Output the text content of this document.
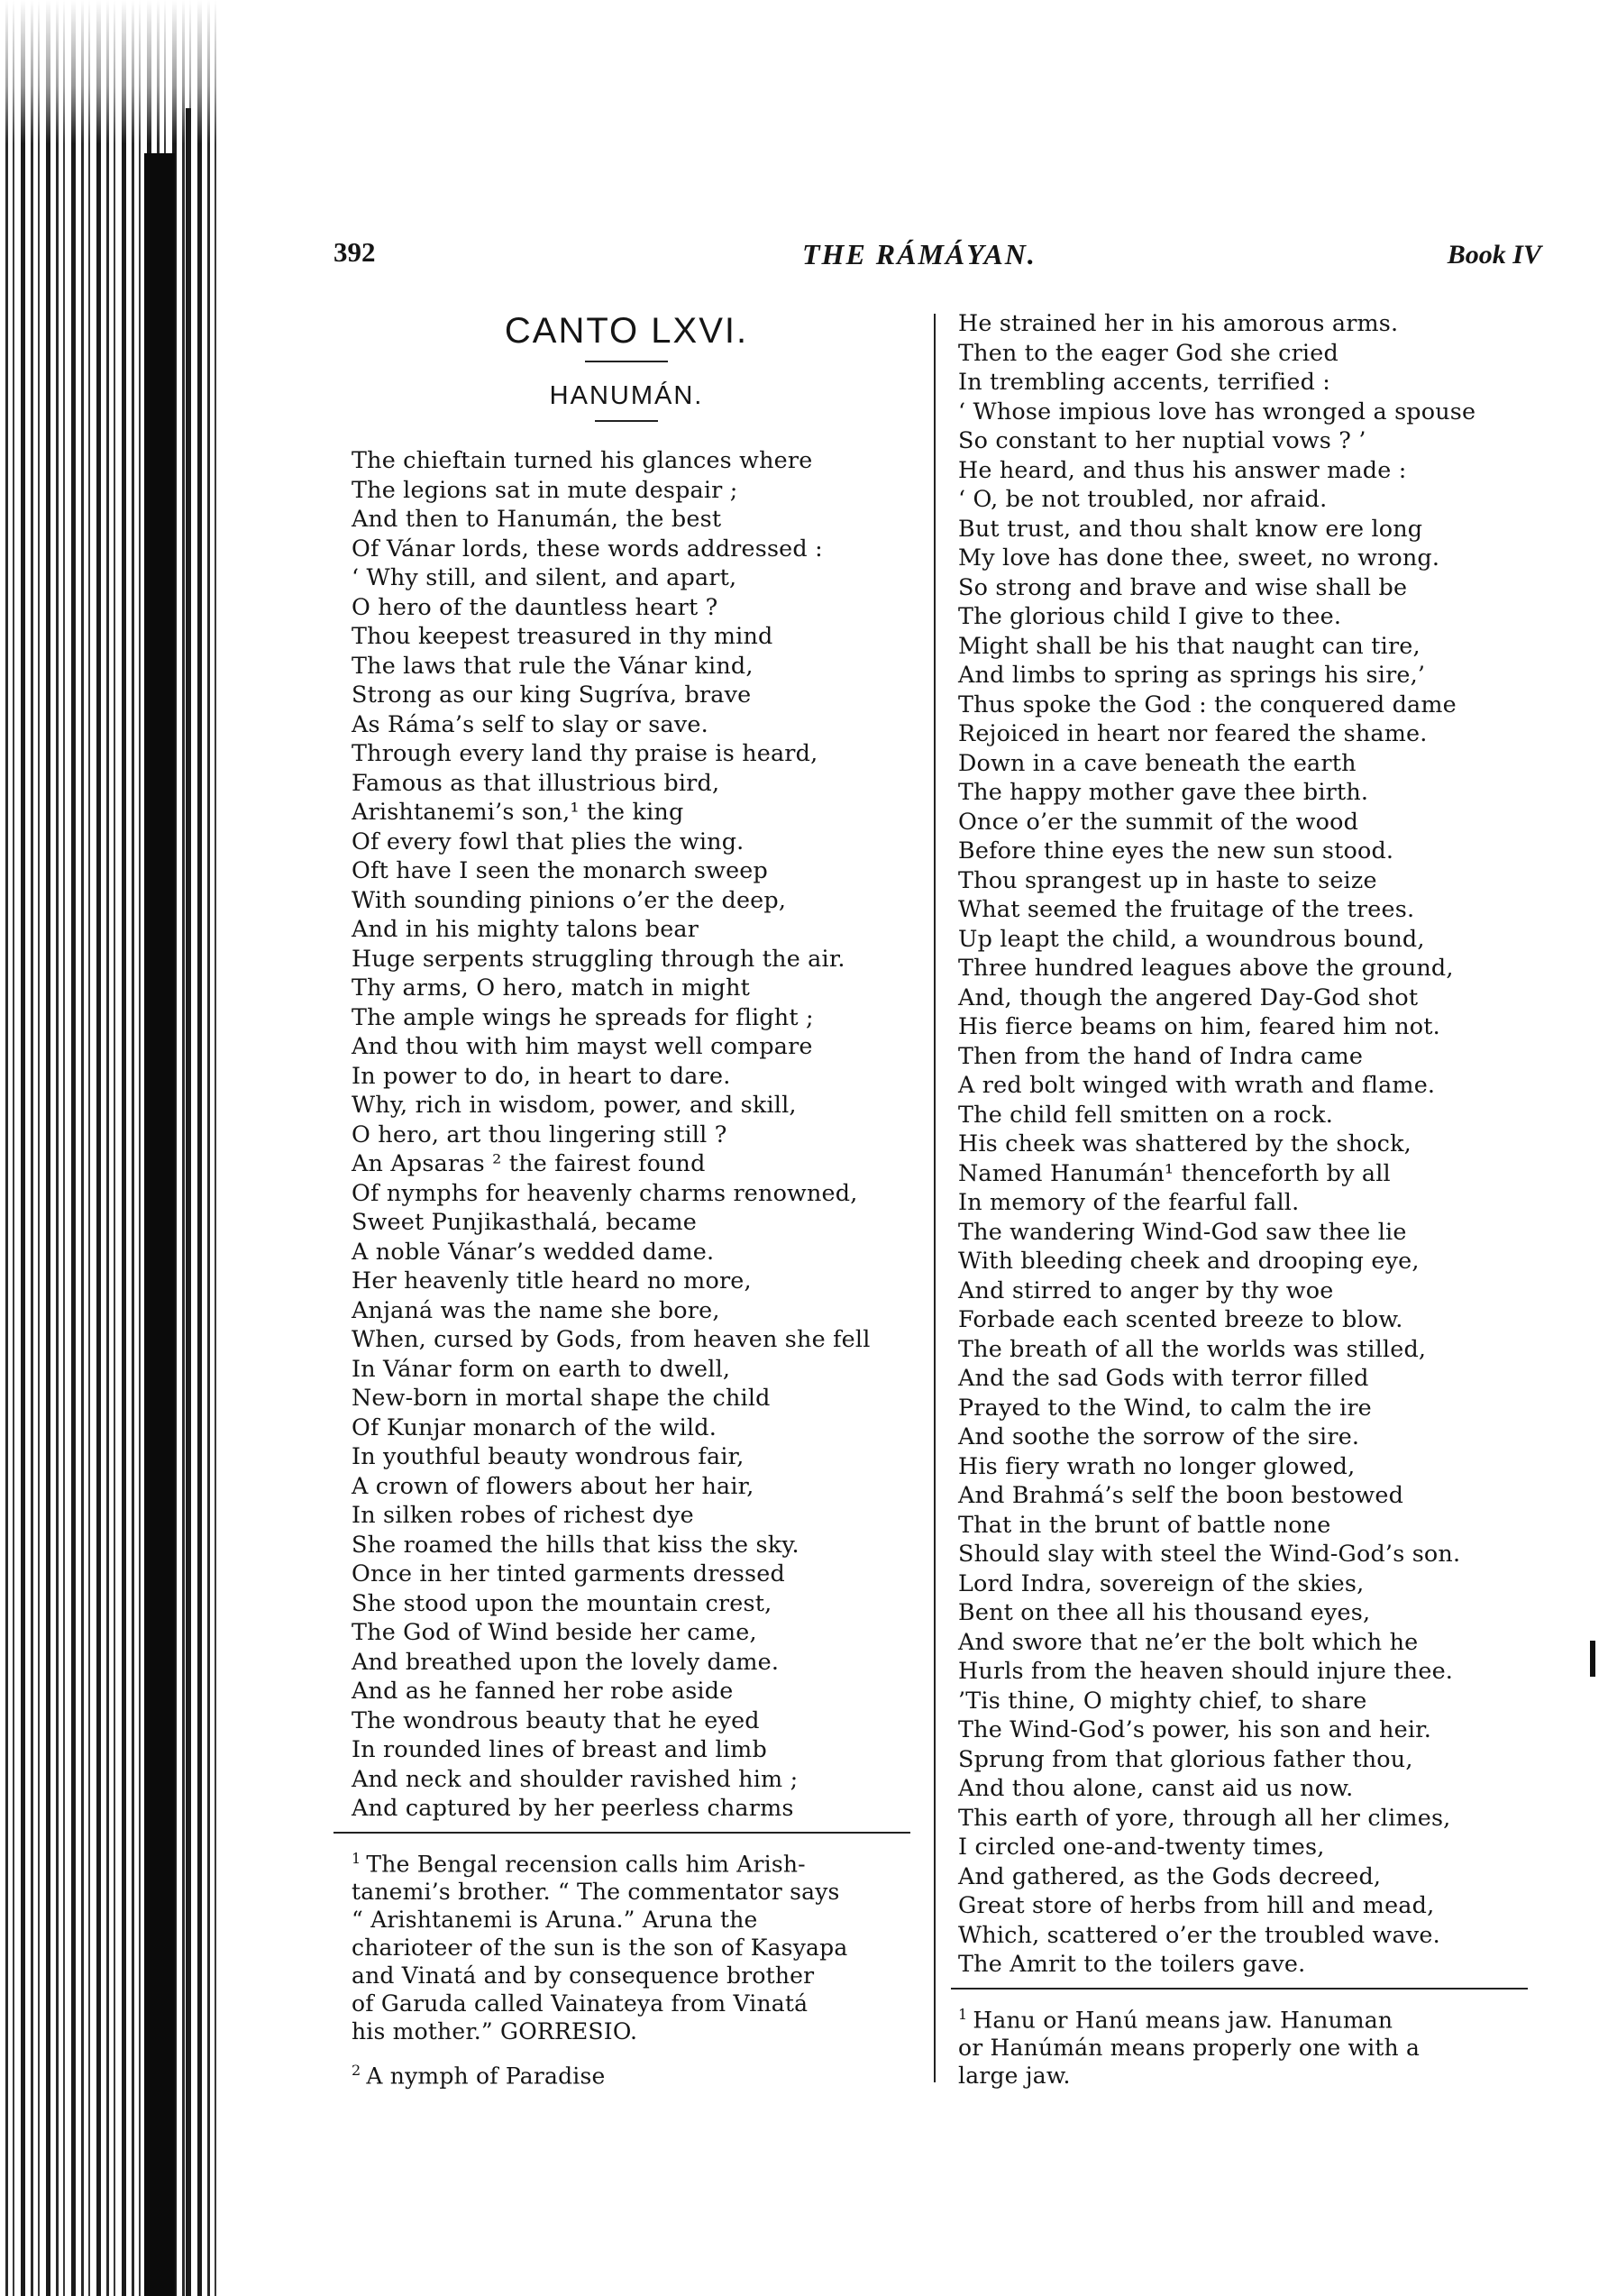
392	THE RÁMÁYAN.	Book IV
CANTO LXVI.
HANUMÁN.
The chieftain turned his glances where
The legions sat in mute despair ;
And then to Hanumán, the best
Of Vánar lords, these words addressed :
‘ Why still, and silent, and apart,
O hero of the dauntless heart ?
Thou keepest treasured in thy mind
The laws that rule the Vánar kind,
Strong as our king Sugríva, brave
As Ráma’s self to slay or save.
Through every land thy praise is heard,
Famous as that illustrious bird,
Arishtanemi’s son,¹ the king
Of every fowl that plies the wing.
Oft have I seen the monarch sweep
With sounding pinions o’er the deep,
And in his mighty talons bear
Huge serpents struggling through the air.
Thy arms, O hero, match in might
The ample wings he spreads for flight ;
And thou with him mayst well compare
In power to do, in heart to dare.
Why, rich in wisdom, power, and skill,
O hero, art thou lingering still ?
An Apsaras ² the fairest found
Of nymphs for heavenly charms renowned,
Sweet Punjikasthalá, became
A noble Vánar’s wedded dame.
Her heavenly title heard no more,
Anjaná was the name she bore,
When, cursed by Gods, from heaven she fell
In Vánar form on earth to dwell,
New-born in mortal shape the child
Of Kunjar monarch of the wild.
In youthful beauty wondrous fair,
A crown of flowers about her hair,
In silken robes of richest dye
She roamed the hills that kiss the sky.
Once in her tinted garments dressed
She stood upon the mountain crest,
The God of Wind beside her came,
And breathed upon the lovely dame.
And as he fanned her robe aside
The wondrous beauty that he eyed
In rounded lines of breast and limb
And neck and shoulder ravished him ;
And captured by her peerless charms
$^1$ The Bengal recension calls him Arish-
tanemi’s brother. “ The commentator says
“ Arishtanemi is Aruna.” Aruna the
charioteer of the sun is the son of Kasyapa
and Vinatá and by consequence brother
of Garuda called Vainateya from Vinatá
his mother.” GORRESIO.
$^2$ A nymph of Paradise
He strained her in his amorous arms.
Then to the eager God she cried
In trembling accents, terrified :
‘ Whose impious love has wronged a spouse
So constant to her nuptial vows ? ’
He heard, and thus his answer made :
‘ O, be not troubled, nor afraid.
But trust, and thou shalt know ere long
My love has done thee, sweet, no wrong.
So strong and brave and wise shall be
The glorious child I give to thee.
Might shall be his that naught can tire,
And limbs to spring as springs his sire,’
Thus spoke the God : the conquered dame
Rejoiced in heart nor feared the shame.
Down in a cave beneath the earth
The happy mother gave thee birth.
Once o’er the summit of the wood
Before thine eyes the new sun stood.
Thou sprangest up in haste to seize
What seemed the fruitage of the trees.
Up leapt the child, a woundrous bound,
Three hundred leagues above the ground,
And, though the angered Day-God shot
His fierce beams on him, feared him not.
Then from the hand of Indra came
A red bolt winged with wrath and flame.
The child fell smitten on a rock.
His cheek was shattered by the shock,
Named Hanumán¹ thenceforth by all
In memory of the fearful fall.
The wandering Wind-God saw thee lie
With bleeding cheek and drooping eye,
And stirred to anger by thy woe
Forbade each scented breeze to blow.
The breath of all the worlds was stilled,
And the sad Gods with terror filled
Prayed to the Wind, to calm the ire
And soothe the sorrow of the sire.
His fiery wrath no longer glowed,
And Brahmá’s self the boon bestowed
That in the brunt of battle none
Should slay with steel the Wind-God’s son.
Lord Indra, sovereign of the skies,
Bent on thee all his thousand eyes,
And swore that ne’er the bolt which he
Hurls from the heaven should injure thee.
’Tis thine, O mighty chief, to share
The Wind-God’s power, his son and heir.
Sprung from that glorious father thou,
And thou alone, canst aid us now.
This earth of yore, through all her climes,
I circled one-and-twenty times,
And gathered, as the Gods decreed,
Great store of herbs from hill and mead,
Which, scattered o’er the troubled wave.
The Amrit to the toilers gave.
$^1$ Hanu or Hanú means jaw. Hanuman
or Hanúmán means properly one with a
large jaw.
